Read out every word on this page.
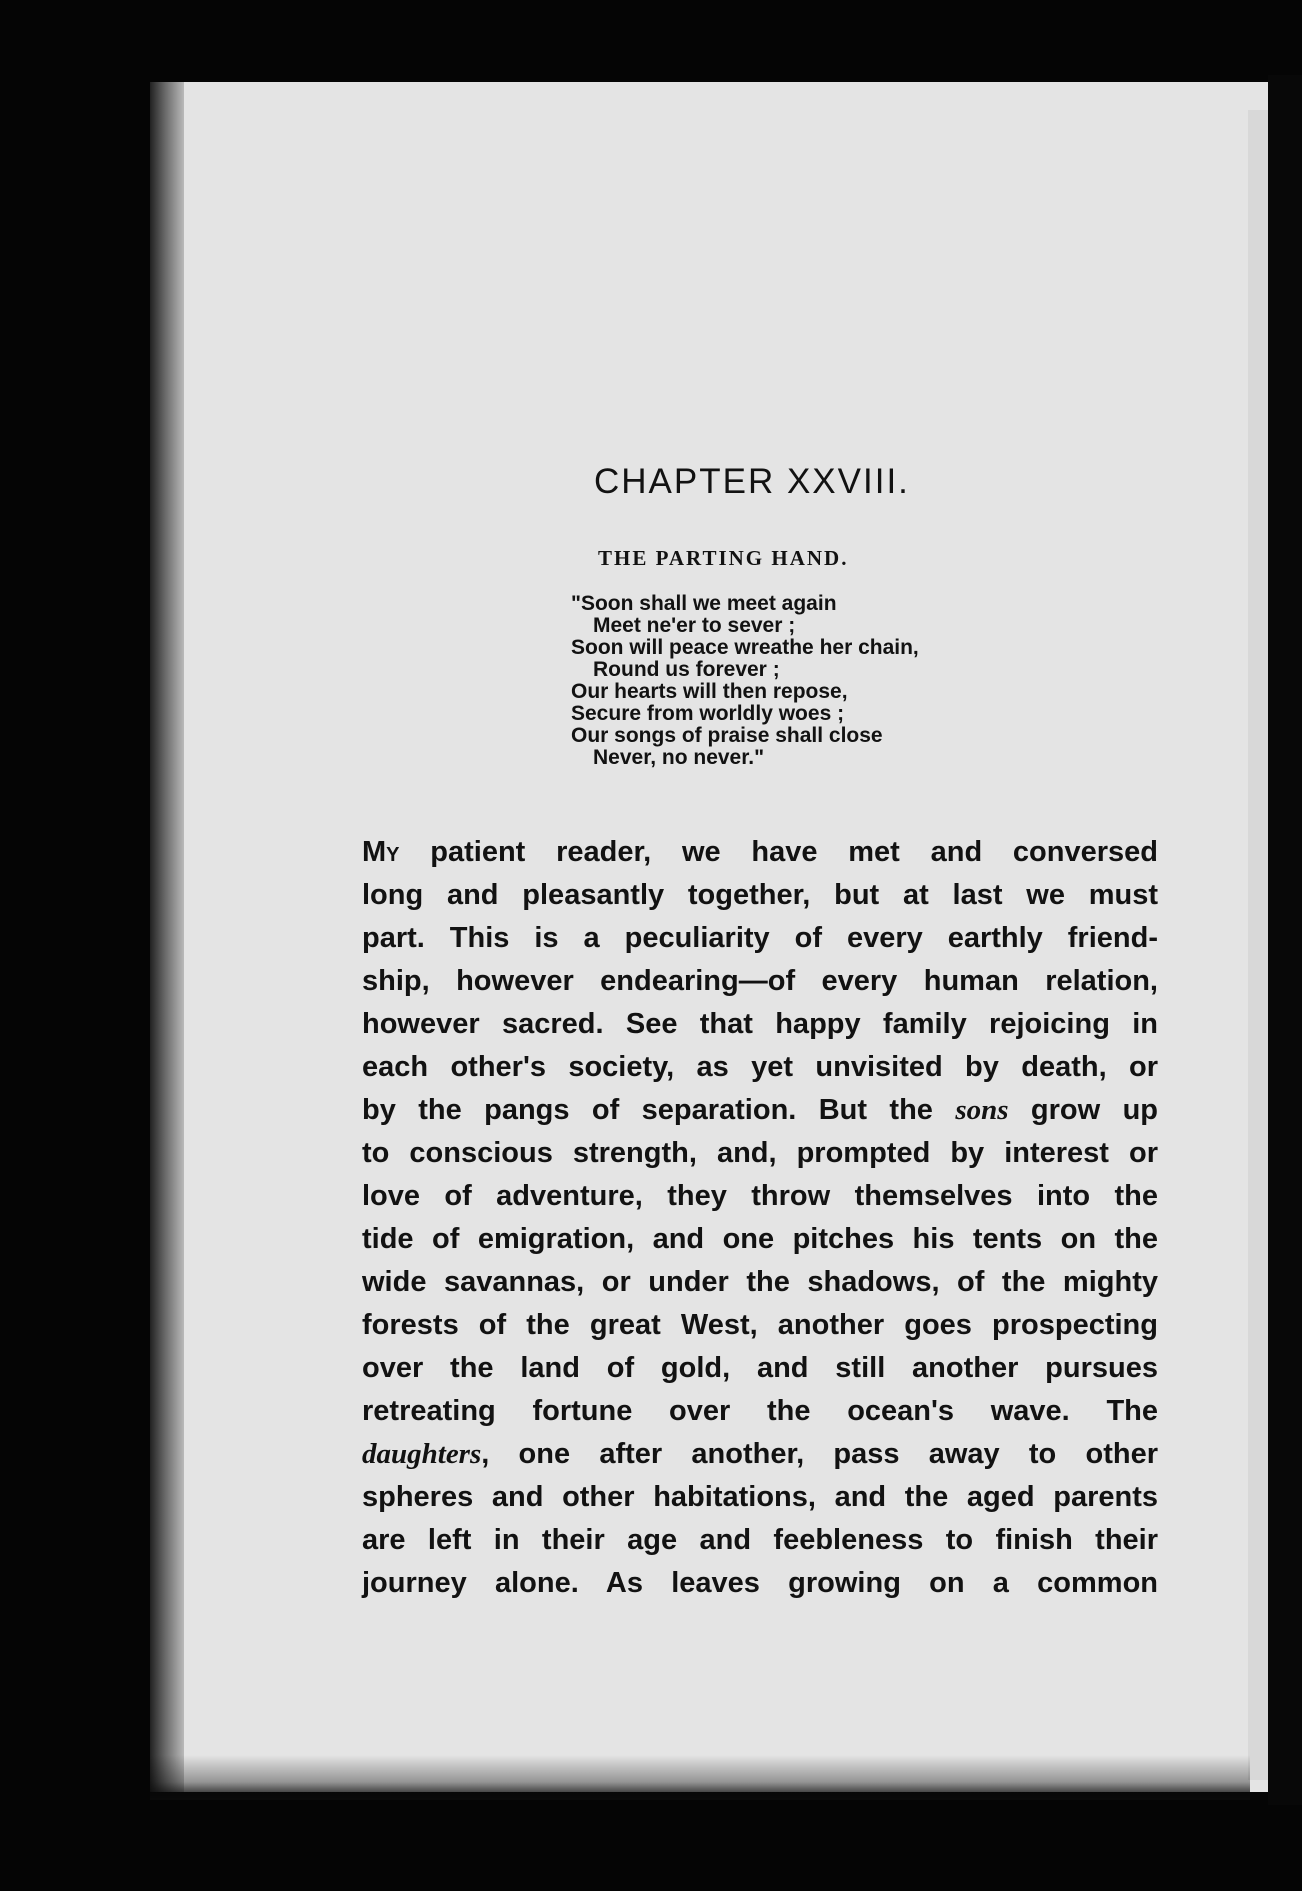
CHAPTER XXVIII.
THE PARTING HAND.
"Soon shall we meet again
Meet ne'er to sever ;
Soon will peace wreathe her chain,
Round us forever ;
Our hearts will then repose,
Secure from worldly woes ;
Our songs of praise shall close
Never, no never."
My patient reader, we have met and conversed
long and pleasantly together, but at last we must
part. This is a peculiarity of every earthly friend-
ship, however endearing—of every human relation,
however sacred. See that happy family rejoicing in
each other's society, as yet unvisited by death, or
by the pangs of separation. But the sons grow up
to conscious strength, and, prompted by interest or
love of adventure, they throw themselves into the
tide of emigration, and one pitches his tents on the
wide savannas, or under the shadows, of the mighty
forests of the great West, another goes prospecting
over the land of gold, and still another pursues
retreating fortune over the ocean's wave. The
daughters, one after another, pass away to other
spheres and other habitations, and the aged parents
are left in their age and feebleness to finish their
journey alone. As leaves growing on a common
